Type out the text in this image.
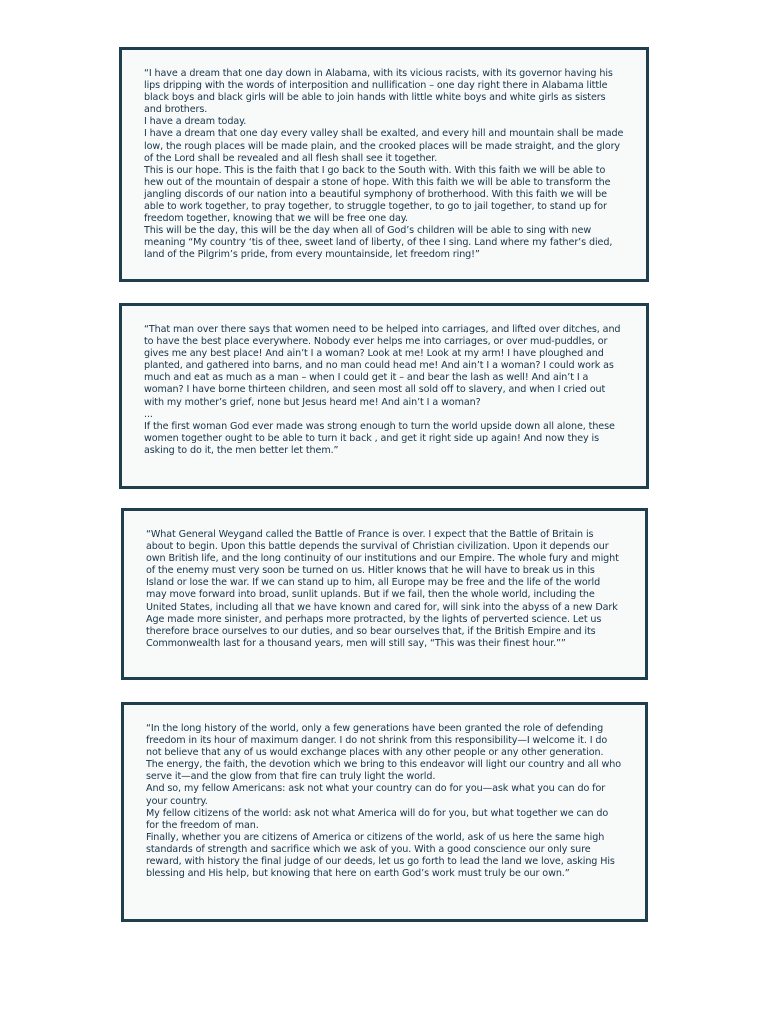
“I have a dream that one day down in Alabama, with its vicious racists, with its governor having his lips dripping with the words of interposition and nullification – one day right there in Alabama little black boys and black girls will be able to join hands with little white boys and white girls as sisters and brothers.

I have a dream today.

I have a dream that one day every valley shall be exalted, and every hill and mountain shall be made low, the rough places will be made plain, and the crooked places will be made straight, and the glory of the Lord shall be revealed and all flesh shall see it together.

This is our hope. This is the faith that I go back to the South with. With this faith we will be able to hew out of the mountain of despair a stone of hope. With this faith we will be able to transform the jangling discords of our nation into a beautiful symphony of brotherhood. With this faith we will be able to work together, to pray together, to struggle together, to go to jail together, to stand up for freedom together, knowing that we will be free one day.

This will be the day, this will be the day when all of God’s children will be able to sing with new meaning “My country ‘tis of thee, sweet land of liberty, of thee I sing. Land where my father’s died, land of the Pilgrim’s pride, from every mountainside, let freedom ring!”

“That man over there says that women need to be helped into carriages, and lifted over ditches, and to have the best place everywhere. Nobody ever helps me into carriages, or over mud-puddles, or gives me any best place! And ain’t I a woman? Look at me! Look at my arm! I have ploughed and planted, and gathered into barns, and no man could head me! And ain’t I a woman? I could work as much and eat as much as a man – when I could get it – and bear the lash as well! And ain’t I a woman? I have borne thirteen children, and seen most all sold off to slavery, and when I cried out with my mother’s grief, none but Jesus heard me! And ain’t I a woman?

...

If the first woman God ever made was strong enough to turn the world upside down all alone, these women together ought to be able to turn it back , and get it right side up again! And now they is asking to do it, the men better let them.”

“What General Weygand called the Battle of France is over. I expect that the Battle of Britain is about to begin. Upon this battle depends the survival of Christian civilization. Upon it depends our own British life, and the long continuity of our institutions and our Empire. The whole fury and might of the enemy must very soon be turned on us. Hitler knows that he will have to break us in this Island or lose the war. If we can stand up to him, all Europe may be free and the life of the world may move forward into broad, sunlit uplands. But if we fail, then the whole world, including the United States, including all that we have known and cared for, will sink into the abyss of a new Dark Age made more sinister, and perhaps more protracted, by the lights of perverted science. Let us therefore brace ourselves to our duties, and so bear ourselves that, if the British Empire and its Commonwealth last for a thousand years, men will still say, “This was their finest hour.””

“In the long history of the world, only a few generations have been granted the role of defending freedom in its hour of maximum danger. I do not shrink from this responsibility—I welcome it. I do not believe that any of us would exchange places with any other people or any other generation. The energy, the faith, the devotion which we bring to this endeavor will light our country and all who serve it—and the glow from that fire can truly light the world.

And so, my fellow Americans: ask not what your country can do for you—ask what you can do for your country.

My fellow citizens of the world: ask not what America will do for you, but what together we can do for the freedom of man.

Finally, whether you are citizens of America or citizens of the world, ask of us here the same high standards of strength and sacrifice which we ask of you. With a good conscience our only sure reward, with history the final judge of our deeds, let us go forth to lead the land we love, asking His blessing and His help, but knowing that here on earth God’s work must truly be our own.”
